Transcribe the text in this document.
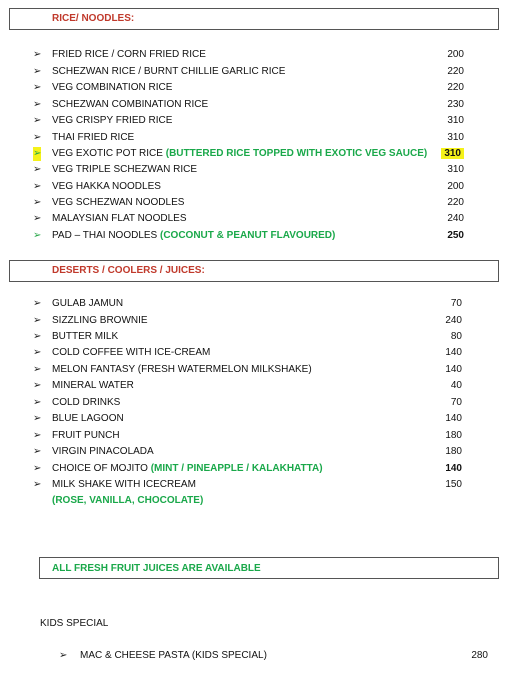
RICE/ NOODLES:
➢ FRIED RICE / CORN FRIED RICE	200
➢ SCHEZWAN RICE / BURNT CHILLIE GARLIC RICE	220
➢ VEG COMBINATION RICE	220
➢ SCHEZWAN COMBINATION RICE	230
➢ VEG CRISPY FRIED RICE	310
➢ THAI FRIED RICE	310
➢ VEG EXOTIC POT RICE (BUTTERED RICE TOPPED WITH EXOTIC VEG SAUCE)	310
➢ VEG TRIPLE SCHEZWAN RICE	310
➢ VEG HAKKA NOODLES	200
➢ VEG SCHEZWAN NOODLES	220
➢ MALAYSIAN FLAT NOODLES	240
➢ PAD – THAI NOODLES (COCONUT & PEANUT FLAVOURED)	250
DESERTS / COOLERS / JUICES:
➢ GULAB JAMUN	70
➢ SIZZLING BROWNIE	240
➢ BUTTER MILK	80
➢ COLD COFFEE WITH ICE-CREAM	140
➢ MELON FANTASY (FRESH WATERMELON MILKSHAKE)	140
➢ MINERAL WATER	40
➢ COLD DRINKS	70
➢ BLUE LAGOON	140
➢ FRUIT PUNCH	180
➢ VIRGIN PINACOLADA	180
➢ CHOICE OF MOJITO (MINT / PINEAPPLE / KALAKHATTA)	140
➢ MILK SHAKE WITH ICECREAM	150
(ROSE, VANILLA, CHOCOLATE)
ALL FRESH FRUIT JUICES ARE AVAILABLE
KIDS SPECIAL
➢ MAC & CHEESE PASTA (KIDS SPECIAL)	280
